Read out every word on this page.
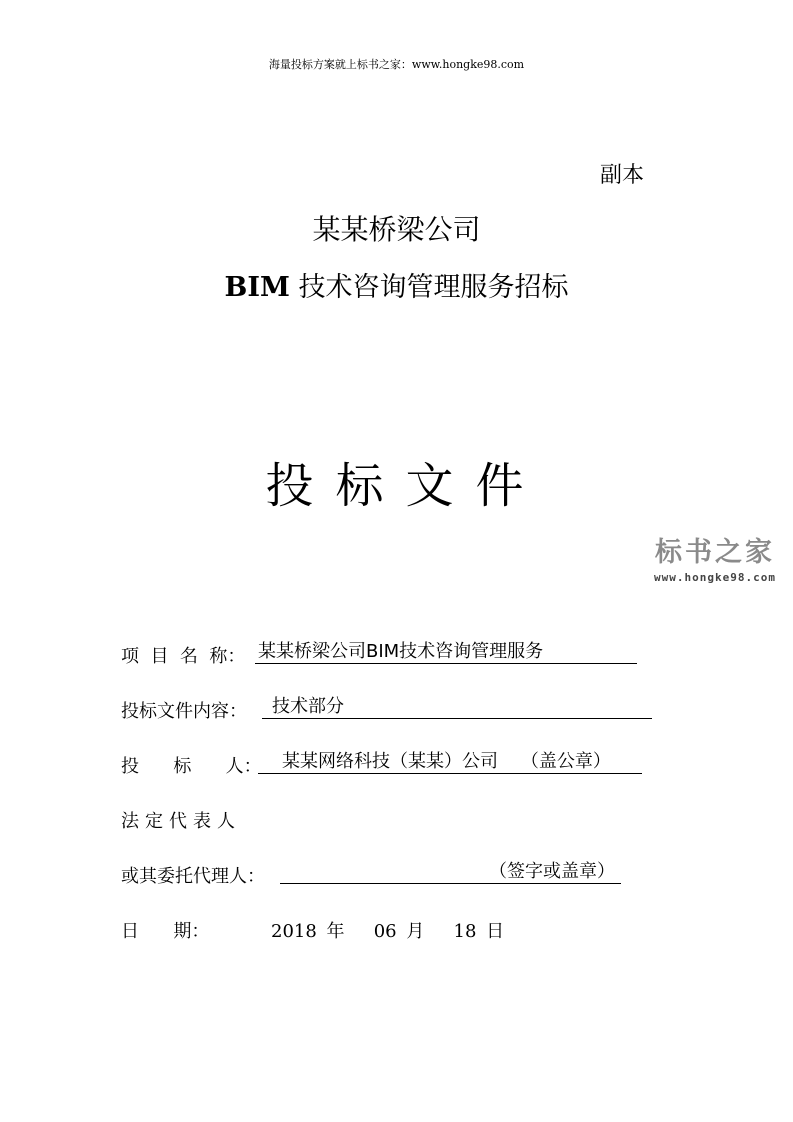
海量投标方案就上标书之家：www.hongke98.com
副本
某某桥梁公司
BIM 技术咨询管理服务招标
投标文件
标书之家
www.hongke98.com
项  目  名  称： 某某桥梁公司BIM技术咨询管理服务
投标文件内容：	技术部分
投      标      人：	某某网络科技（某某）公司    （盖公章）
法定代表人
或其委托代理人：	（签字或盖章）
日      期：	2018 年 06 月 18 日
